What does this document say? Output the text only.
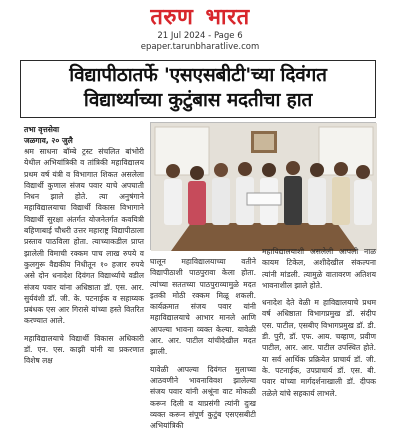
तरुण भारत
21 Jul 2024 - Page 6
epaper.tarunbharatlive.com

विद्यापीठातर्फे 'एसएसबीटी'च्या दिवंगत

विद्यार्थ्याच्या कुटुंबास मदतीचा हात

तभा वृत्तसेवा
जळगाव, २० जुलै

श्रम साधना बॉम्बे ट्रस्ट संचलित बांभोरी येथील अभियांत्रिकी व तांत्रिकी महाविद्यालय प्रथम वर्ष यंत्री व विभागात शिकत असलेला विद्यार्थी कुणाल संजय पवार याचे अपघाती निधन झाले होते. त्या अनुषंगाने महाविद्यालयाचा विद्यार्थी विकास विभागाने विद्यार्थी सुरक्षा अंतर्गत योजनेतर्गत कवयित्री बहिणाबाई चौधरी उत्तर महाराष्ट्र विद्यापीठाला प्रस्ताव पाठविला होता. त्याच्याकडील प्राप्त झालेली विमाची रक्कम पाच लाख रुपये व कुलगुरू वैद्यकीय निधीतून १० हजार रुपये असे दोन धनादेश दिवंगत विद्यार्थ्याचे वडील संजय पवार यांना अधिष्ठाता डॉ. एस. आर. सुर्यवंशी डॉ. जी. के. पटनाईक व सहाय्यक प्रबंधक एस आर गिरासे यांच्या हस्ते वितरित करण्यात आले.

महाविद्यालयाचे विद्यार्थी विकास अधिकारी डॉ. एन. एस. काझी यांनी या प्रकरणात विशेष लक्ष

घालून महाविद्यालयाच्या वतीने विद्यापीठाशी पाठपुरावा केला होता. त्यांच्या सततच्या पाठपुराव्यामुळे मदत इतकी मोठी रक्कम मिळू शकली. कार्यक्रमात संजय पवार यांनी महाविद्यालयाचे आभार मानले आणि आपल्या भावना व्यक्त केल्या. यावेळी आर. आर. पाटील यांचीदेखील मदत झाली.

यावेळी आपल्या दिवंगत मुलाच्या आठवणीने भावनाविवश झालेल्या संजय पवार यांनी अश्रूंना वाट मोकळी करून दिली व याप्रसंगी त्यांनी दुःख व्यक्त करून संपूर्ण कुटुंब एसएसबीटी अभियांत्रिकी

महाविद्यालयाशी असलेली आपली नाळ कायम टिकेल, अशीदेखील संकल्पना त्यांनी मांडली. त्यामुळे वातावरण अतिशय भावनाशील झाले होते.

धनादेश देते वेळी म हाविद्यालयाचे प्रथम वर्ष अधिष्ठाता विभागप्रमुख डॉ. संदीप एस. पाटील, एसबीए विभागप्रमुख डॉ. डी. डी. पुरी, डॉ. एफ. आय. चव्हाण, प्रवीण पाटील, आर. आर. पाटील उपस्थित होते. या सर्व आर्थिक प्रक्रियेत प्राचार्य डॉ. जी. के. पटनाईक, उपप्राचार्य डॉ. एस. बी. पवार यांच्या मार्गदर्शनाखाली डॉ. दीपक तळेले यांचे सहकार्य लाभले.
